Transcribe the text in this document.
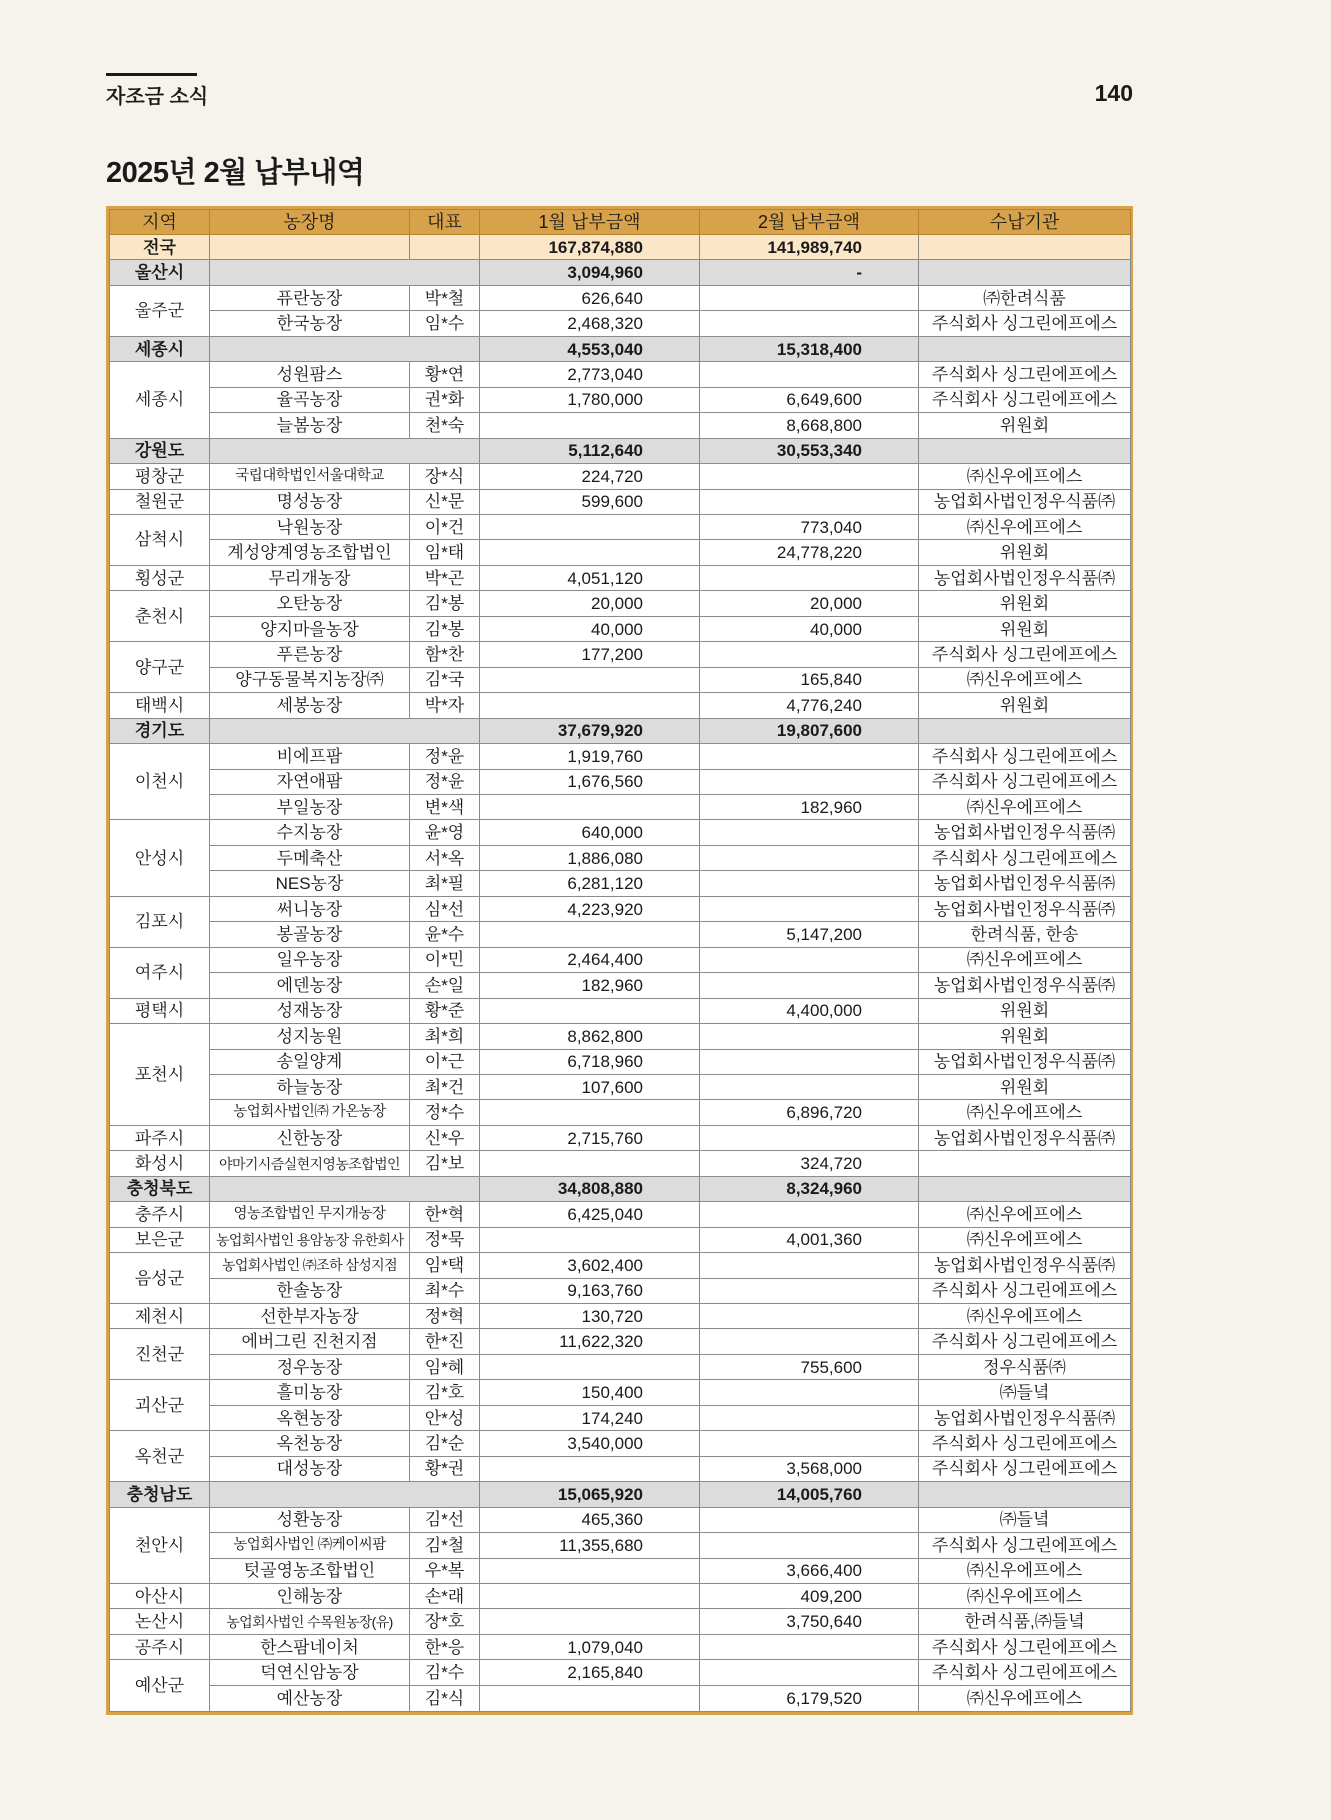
자조금 소식	140
2025년 2월 납부내역
지역	농장명	대표	1월 납부금액	2월 납부금액	수납기관
전국			167,874,880	141,989,740	
울산시			3,094,960	-	
울주군	퓨란농장	박*철	626,640		㈜한려식품
	한국농장	임*수	2,468,320		주식회사 싱그린에프에스
세종시			4,553,040	15,318,400	
세종시	성원팜스	황*연	2,773,040		주식회사 싱그린에프에스
	율곡농장	권*화	1,780,000	6,649,600	주식회사 싱그린에프에스
	늘봄농장	천*숙		8,668,800	위원회
강원도			5,112,640	30,553,340	
평창군	국립대학법인서울대학교	장*식	224,720		㈜신우에프에스
철원군	명성농장	신*문	599,600		농업회사법인정우식품㈜
삼척시	낙원농장	이*건		773,040	㈜신우에프에스
	계성양계영농조합법인	임*태		24,778,220	위원회
횡성군	무리개농장	박*곤	4,051,120		농업회사법인정우식품㈜
춘천시	오탄농장	김*봉	20,000	20,000	위원회
	양지마을농장	김*봉	40,000	40,000	위원회
양구군	푸른농장	함*찬	177,200		주식회사 싱그린에프에스
	양구동물복지농장㈜	김*국		165,840	㈜신우에프에스
태백시	세봉농장	박*자		4,776,240	위원회
경기도			37,679,920	19,807,600	
이천시	비에프팜	정*윤	1,919,760		주식회사 싱그린에프에스
	자연애팜	정*윤	1,676,560		주식회사 싱그린에프에스
	부일농장	변*색		182,960	㈜신우에프에스
안성시	수지농장	윤*영	640,000		농업회사법인정우식품㈜
	두메축산	서*옥	1,886,080		주식회사 싱그린에프에스
	NES농장	최*필	6,281,120		농업회사법인정우식품㈜
김포시	써니농장	심*선	4,223,920		농업회사법인정우식품㈜
	봉골농장	윤*수		5,147,200	한려식품, 한송
여주시	일우농장	이*민	2,464,400		㈜신우에프에스
	에덴농장	손*일	182,960		농업회사법인정우식품㈜
평택시	성재농장	황*준		4,400,000	위원회
포천시	성지농원	최*희	8,862,800		위원회
	송일양계	이*근	6,718,960		농업회사법인정우식품㈜
	하늘농장	최*건	107,600		위원회
	농업회사법인㈜ 가온농장	정*수		6,896,720	㈜신우에프에스
파주시	신한농장	신*우	2,715,760		농업회사법인정우식품㈜
화성시	야마기시즘실현지영농조합법인	김*보		324,720	
충청북도			34,808,880	8,324,960	
충주시	영농조합법인 무지개농장	한*혁	6,425,040		㈜신우에프에스
보은군	농업회사법인 용암농장 유한회사	정*묵		4,001,360	㈜신우에프에스
음성군	농업회사법인 ㈜조하 삼성지점	임*택	3,602,400		농업회사법인정우식품㈜
	한솔농장	최*수	9,163,760		주식회사 싱그린에프에스
제천시	선한부자농장	정*혁	130,720		㈜신우에프에스
진천군	에버그린 진천지점	한*진	11,622,320		주식회사 싱그린에프에스
	정우농장	임*혜		755,600	정우식품㈜
괴산군	흘미농장	김*호	150,400		㈜들녘
	옥현농장	안*성	174,240		농업회사법인정우식품㈜
옥천군	옥천농장	김*순	3,540,000		주식회사 싱그린에프에스
	대성농장	황*권		3,568,000	주식회사 싱그린에프에스
충청남도			15,065,920	14,005,760	
천안시	성환농장	김*선	465,360		㈜들녘
	농업회사법인 ㈜케이씨팜	김*철	11,355,680		주식회사 싱그린에프에스
	텃골영농조합법인	우*복		3,666,400	㈜신우에프에스
아산시	인해농장	손*래		409,200	㈜신우에프에스
논산시	농업회사법인 수목원농장(유)	장*호		3,750,640	한려식품,㈜들녘
공주시	한스팜네이처	한*응	1,079,040		주식회사 싱그린에프에스
예산군	덕연신암농장	김*수	2,165,840		주식회사 싱그린에프에스
	예산농장	김*식		6,179,520	㈜신우에프에스
